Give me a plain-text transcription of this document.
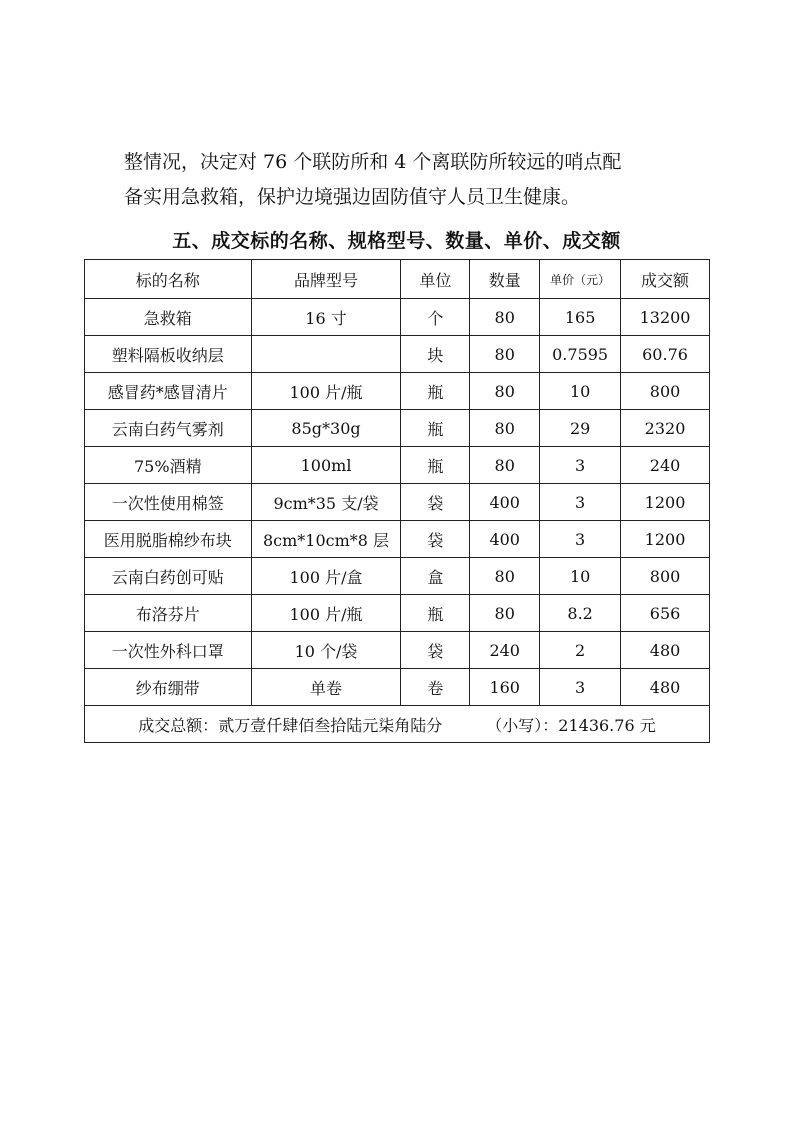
整情况，决定对 76 个联防所和 4 个离联防所较远的哨点配
备实用急救箱，保护边境强边固防值守人员卫生健康。
五、成交标的名称、规格型号、数量、单价、成交额
标的名称	品牌型号	单位	数量	单价（元）	成交额
急救箱	16 寸	个	80	165	13200
塑料隔板收纳层		块	80	0.7595	60.76
感冒药*感冒清片	100 片/瓶	瓶	80	10	800
云南白药气雾剂	85g*30g	瓶	80	29	2320
75%酒精	100ml	瓶	80	3	240
一次性使用棉签	9cm*35 支/袋	袋	400	3	1200
医用脱脂棉纱布块	8cm*10cm*8 层	袋	400	3	1200
云南白药创可贴	100 片/盒	盒	80	10	800
布洛芬片	100 片/瓶	瓶	80	8.2	656
一次性外科口罩	10 个/袋	袋	240	2	480
纱布绷带	单卷	卷	160	3	480
成交总额：贰万壹仟肆佰叁拾陆元柒角陆分 （小写）：21436.76 元					
